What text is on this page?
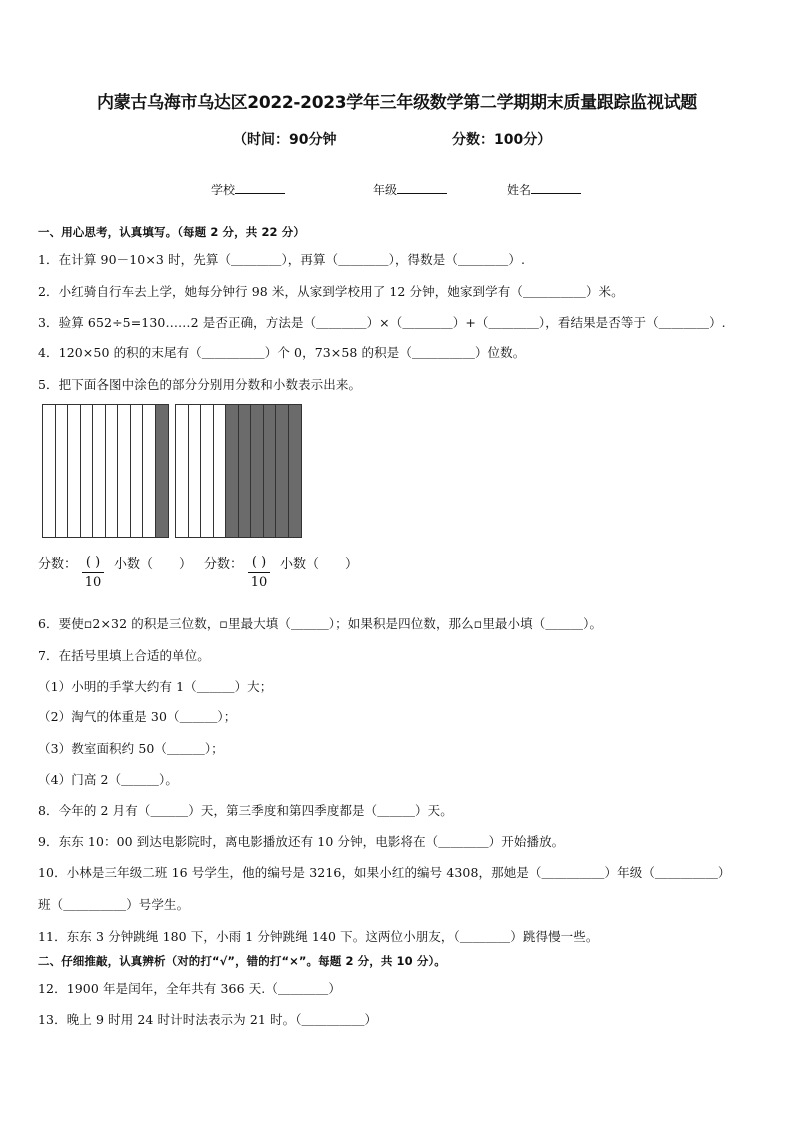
内蒙古乌海市乌达区2022-2023学年三年级数学第二学期期末质量跟踪监视试题
（时间：90分钟	分数：100分）
学校	年级	姓名
一、用心思考，认真填写。（每题 2 分，共 22 分）
1．在计算 90－10×3 时，先算（＿＿＿＿），再算（＿＿＿＿），得数是（＿＿＿＿）.
2．小红骑自行车去上学，她每分钟行 98 米，从家到学校用了 12 分钟，她家到学有（＿＿＿＿＿）米。
3．验算 652÷5=130……2 是否正确，方法是（＿＿＿＿）×（＿＿＿＿）+（＿＿＿＿），看结果是否等于（＿＿＿＿）.
4．120×50 的积的末尾有（＿＿＿＿＿）个 0，73×58 的积是（＿＿＿＿＿）位数。
5．把下面各图中涂色的部分分别用分数和小数表示出来。
分数： ( )
10
小数（　　） 分数： ( )
10
小数（　　）
6．要使▫2×32 的积是三位数，▫里最大填（＿＿＿）；如果积是四位数，那么▫里最小填（＿＿＿）。
7．在括号里填上合适的单位。
（1）小明的手掌大约有 1（＿＿＿）大；
（2）淘气的体重是 30（＿＿＿）；
（3）教室面积约 50（＿＿＿）；
（4）门高 2（＿＿＿）。
8．今年的 2 月有（＿＿＿）天，第三季度和第四季度都是（＿＿＿）天。
9．东东 10：00 到达电影院时，离电影播放还有 10 分钟，电影将在（＿＿＿＿）开始播放。
10．小林是三年级二班 16 号学生，他的编号是 3216，如果小红的编号 4308，那她是（＿＿＿＿＿）年级（＿＿＿＿＿）
班（＿＿＿＿＿）号学生。
11．东东 3 分钟跳绳 180 下，小雨 1 分钟跳绳 140 下。这两位小朋友，（＿＿＿＿）跳得慢一些。
二、仔细推敲，认真辨析（对的打“√”，错的打“×”。每题 2 分，共 10 分）。
12．1900 年是闰年，全年共有 366 天.（＿＿＿＿）
13．晚上 9 时用 24 时计时法表示为 21 时。（＿＿＿＿＿）
